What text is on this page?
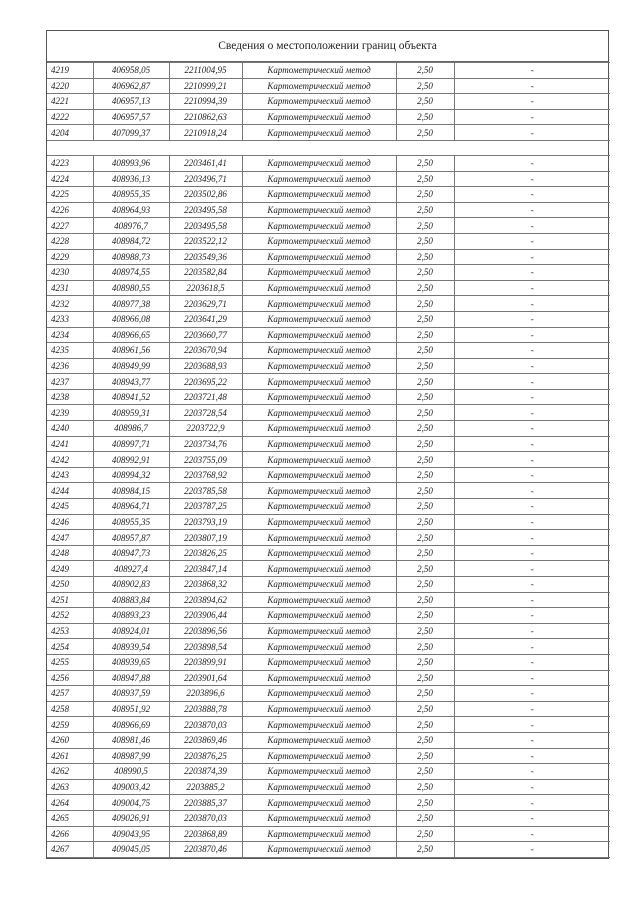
Сведения о местоположении границ объекта
4219	406958,05	2211004,95	Картометрический метод	2,50	-
4220	406962,87	2210999,21	Картометрический метод	2,50	-
4221	406957,13	2210994,39	Картометрический метод	2,50	-
4222	406957,57	2210862,63	Картометрический метод	2,50	-
4204	407099,37	2210918,24	Картометрический метод	2,50	-

4223	408993,96	2203461,41	Картометрический метод	2,50	-
4224	408936,13	2203496,71	Картометрический метод	2,50	-
4225	408955,35	2203502,86	Картометрический метод	2,50	-
4226	408964,93	2203495,58	Картометрический метод	2,50	-
4227	408976,7	2203495,58	Картометрический метод	2,50	-
4228	408984,72	2203522,12	Картометрический метод	2,50	-
4229	408988,73	2203549,36	Картометрический метод	2,50	-
4230	408974,55	2203582,84	Картометрический метод	2,50	-
4231	408980,55	2203618,5	Картометрический метод	2,50	-
4232	408977,38	2203629,71	Картометрический метод	2,50	-
4233	408966,08	2203641,29	Картометрический метод	2,50	-
4234	408966,65	2203660,77	Картометрический метод	2,50	-
4235	408961,56	2203670,94	Картометрический метод	2,50	-
4236	408949,99	2203688,93	Картометрический метод	2,50	-
4237	408943,77	2203695,22	Картометрический метод	2,50	-
4238	408941,52	2203721,48	Картометрический метод	2,50	-
4239	408959,31	2203728,54	Картометрический метод	2,50	-
4240	408986,7	2203722,9	Картометрический метод	2,50	-
4241	408997,71	2203734,76	Картометрический метод	2,50	-
4242	408992,91	2203755,09	Картометрический метод	2,50	-
4243	408994,32	2203768,92	Картометрический метод	2,50	-
4244	408984,15	2203785,58	Картометрический метод	2,50	-
4245	408964,71	2203787,25	Картометрический метод	2,50	-
4246	408955,35	2203793,19	Картометрический метод	2,50	-
4247	408957,87	2203807,19	Картометрический метод	2,50	-
4248	408947,73	2203826,25	Картометрический метод	2,50	-
4249	408927,4	2203847,14	Картометрический метод	2,50	-
4250	408902,83	2203868,32	Картометрический метод	2,50	-
4251	408883,84	2203894,62	Картометрический метод	2,50	-
4252	408893,23	2203906,44	Картометрический метод	2,50	-
4253	408924,01	2203896,56	Картометрический метод	2,50	-
4254	408939,54	2203898,54	Картометрический метод	2,50	-
4255	408939,65	2203899,91	Картометрический метод	2,50	-
4256	408947,88	2203901,64	Картометрический метод	2,50	-
4257	408937,59	2203896,6	Картометрический метод	2,50	-
4258	408951,92	2203888,78	Картометрический метод	2,50	-
4259	408966,69	2203870,03	Картометрический метод	2,50	-
4260	408981,46	2203869,46	Картометрический метод	2,50	-
4261	408987,99	2203876,25	Картометрический метод	2,50	-
4262	408990,5	2203874,39	Картометрический метод	2,50	-
4263	409003,42	2203885,2	Картометрический метод	2,50	-
4264	409004,75	2203885,37	Картометрический метод	2,50	-
4265	409026,91	2203870,03	Картометрический метод	2,50	-
4266	409043,95	2203868,89	Картометрический метод	2,50	-
4267	409045,05	2203870,46	Картометрический метод	2,50	-
